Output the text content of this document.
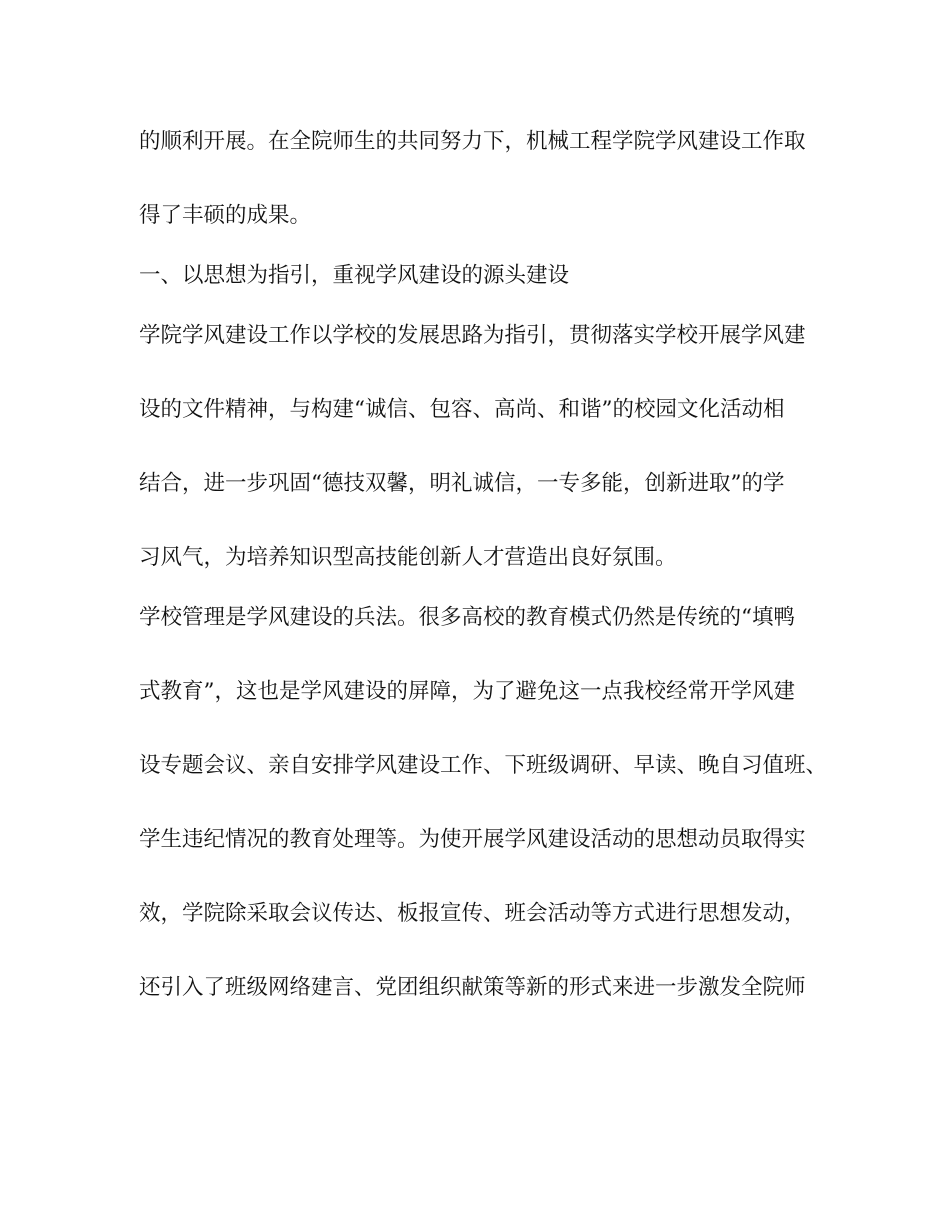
的顺利开展。在全院师生的共同努力下，机械工程学院学风建设工作取
得了丰硕的成果。
一、以思想为指引，重视学风建设的源头建设
学院学风建设工作以学校的发展思路为指引，贯彻落实学校开展学风建
设的文件精神，与构建“诚信、包容、高尚、和谐”的校园文化活动相
结合，进一步巩固“德技双馨，明礼诚信，一专多能，创新进取”的学
习风气，为培养知识型高技能创新人才营造出良好氛围。
学校管理是学风建设的兵法。很多高校的教育模式仍然是传统的“填鸭
式教育”，这也是学风建设的屏障，为了避免这一点我校经常开学风建
设专题会议、亲自安排学风建设工作、下班级调研、早读、晚自习值班、
学生违纪情况的教育处理等。为使开展学风建设活动的思想动员取得实
效，学院除采取会议传达、板报宣传、班会活动等方式进行思想发动，
还引入了班级网络建言、党团组织献策等新的形式来进一步激发全院师
